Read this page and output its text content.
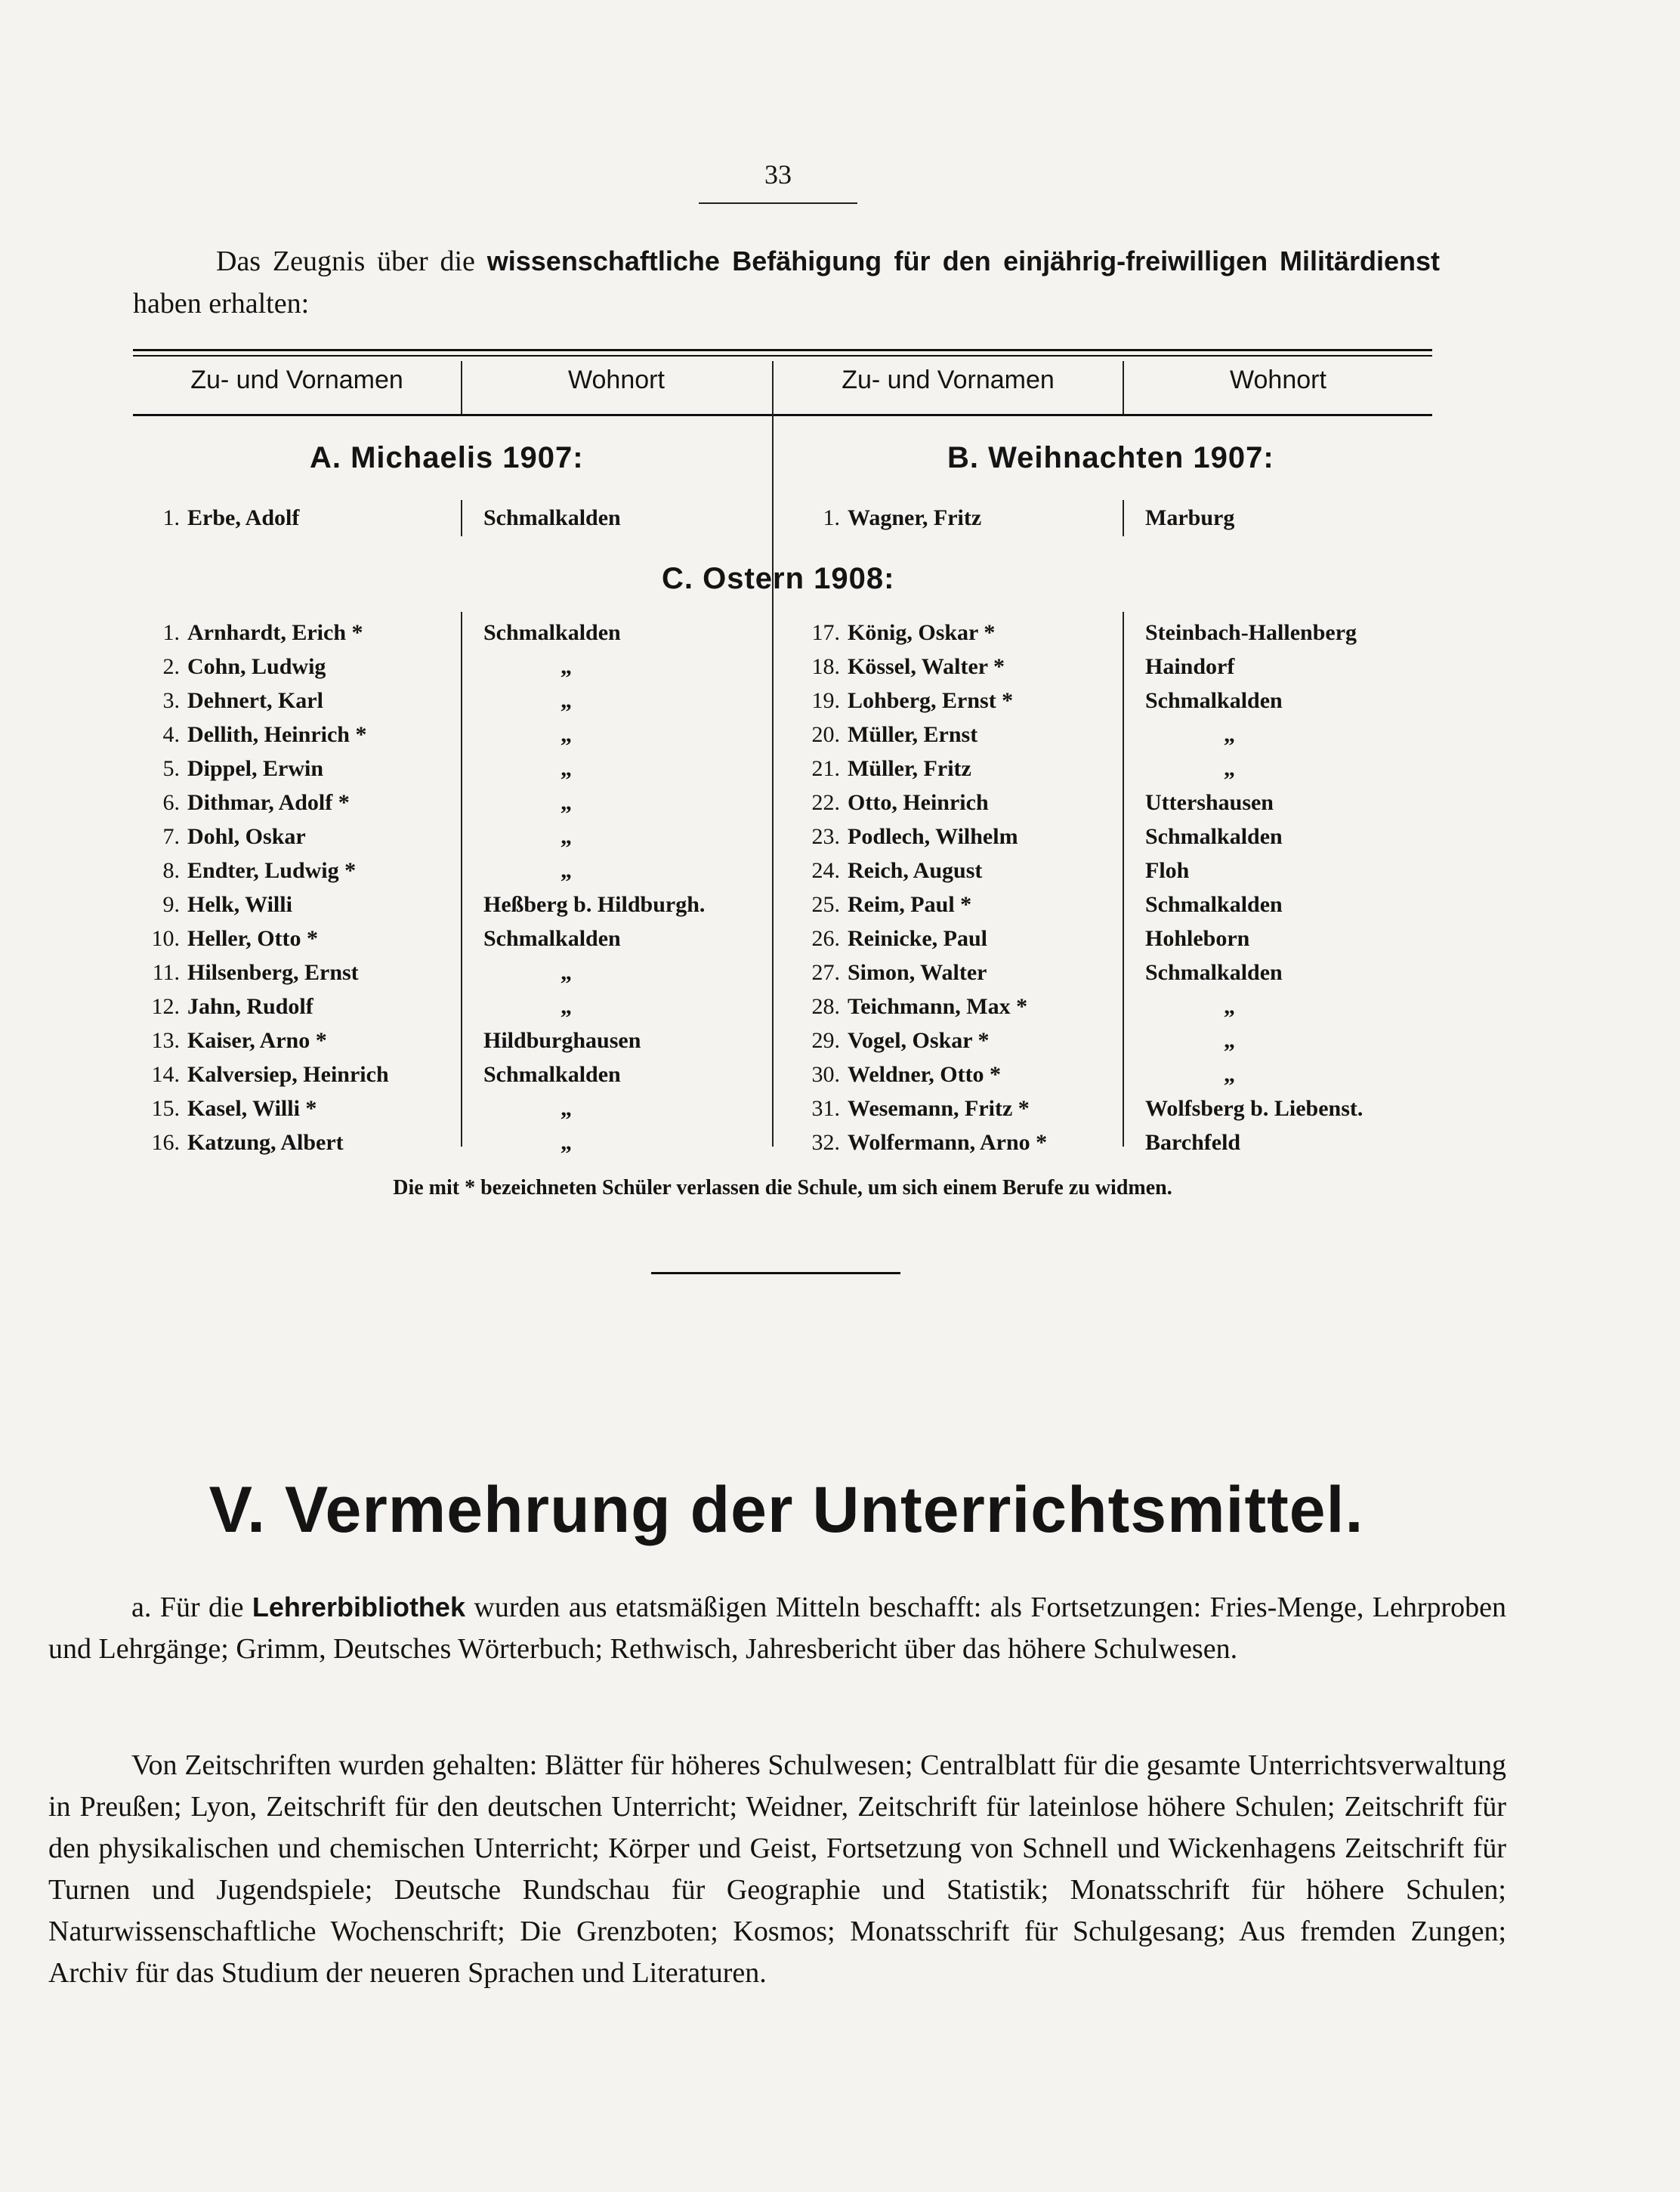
33
Das Zeugnis über die wissenschaftliche Befähigung für den einjährig-freiwilligen Militärdienst haben erhalten:
Zu- und Vornamen	Wohnort	Zu- und Vornamen	Wohnort
A. Michaelis 1907:	B. Weihnachten 1907:
C. Ostern 1908:
1. Erbe, Adolf	Schmalkalden	1. Wagner, Fritz	Marburg
1. Arnhardt, Erich *	Schmalkalden
2. Cohn, Ludwig	„
3. Dehnert, Karl	„
4. Dellith, Heinrich *	„
5. Dippel, Erwin	„
6. Dithmar, Adolf *	„
7. Dohl, Oskar	„
8. Endter, Ludwig *	„
9. Helk, Willi	Heßberg b. Hildburgh.
10. Heller, Otto *	Schmalkalden
11. Hilsenberg, Ernst	„
12. Jahn, Rudolf	„
13. Kaiser, Arno *	Hildburghausen
14. Kalversiep, Heinrich	Schmalkalden
15. Kasel, Willi *	„
16. Katzung, Albert	„
17. König, Oskar *	Steinbach-Hallenberg
18. Kössel, Walter *	Haindorf
19. Lohberg, Ernst *	Schmalkalden
20. Müller, Ernst	„
21. Müller, Fritz	„
22. Otto, Heinrich	Uttershausen
23. Podlech, Wilhelm	Schmalkalden
24. Reich, August	Floh
25. Reim, Paul *	Schmalkalden
26. Reinicke, Paul	Hohleborn
27. Simon, Walter	Schmalkalden
28. Teichmann, Max *	„
29. Vogel, Oskar *	„
30. Weldner, Otto *	„
31. Wesemann, Fritz *	Wolfsberg b. Liebenst.
32. Wolfermann, Arno *	Barchfeld
Die mit * bezeichneten Schüler verlassen die Schule, um sich einem Berufe zu widmen.
V. Vermehrung der Unterrichtsmittel.
a. Für die Lehrerbibliothek wurden aus etatsmäßigen Mitteln beschafft: als Fortsetzungen: Fries-Menge, Lehrproben und Lehrgänge; Grimm, Deutsches Wörterbuch; Rethwisch, Jahresbericht über das höhere Schulwesen.
Von Zeitschriften wurden gehalten: Blätter für höheres Schulwesen; Centralblatt für die gesamte Unterrichtsverwaltung in Preußen; Lyon, Zeitschrift für den deutschen Unterricht; Weidner, Zeitschrift für lateinlose höhere Schulen; Zeitschrift für den physikalischen und chemischen Unterricht; Körper und Geist, Fortsetzung von Schnell und Wickenhagens Zeitschrift für Turnen und Jugendspiele; Deutsche Rundschau für Geographie und Statistik; Monatsschrift für höhere Schulen; Naturwissenschaftliche Wochenschrift; Die Grenzboten; Kosmos; Monatsschrift für Schulgesang; Aus fremden Zungen; Archiv für das Studium der neueren Sprachen und Literaturen.
